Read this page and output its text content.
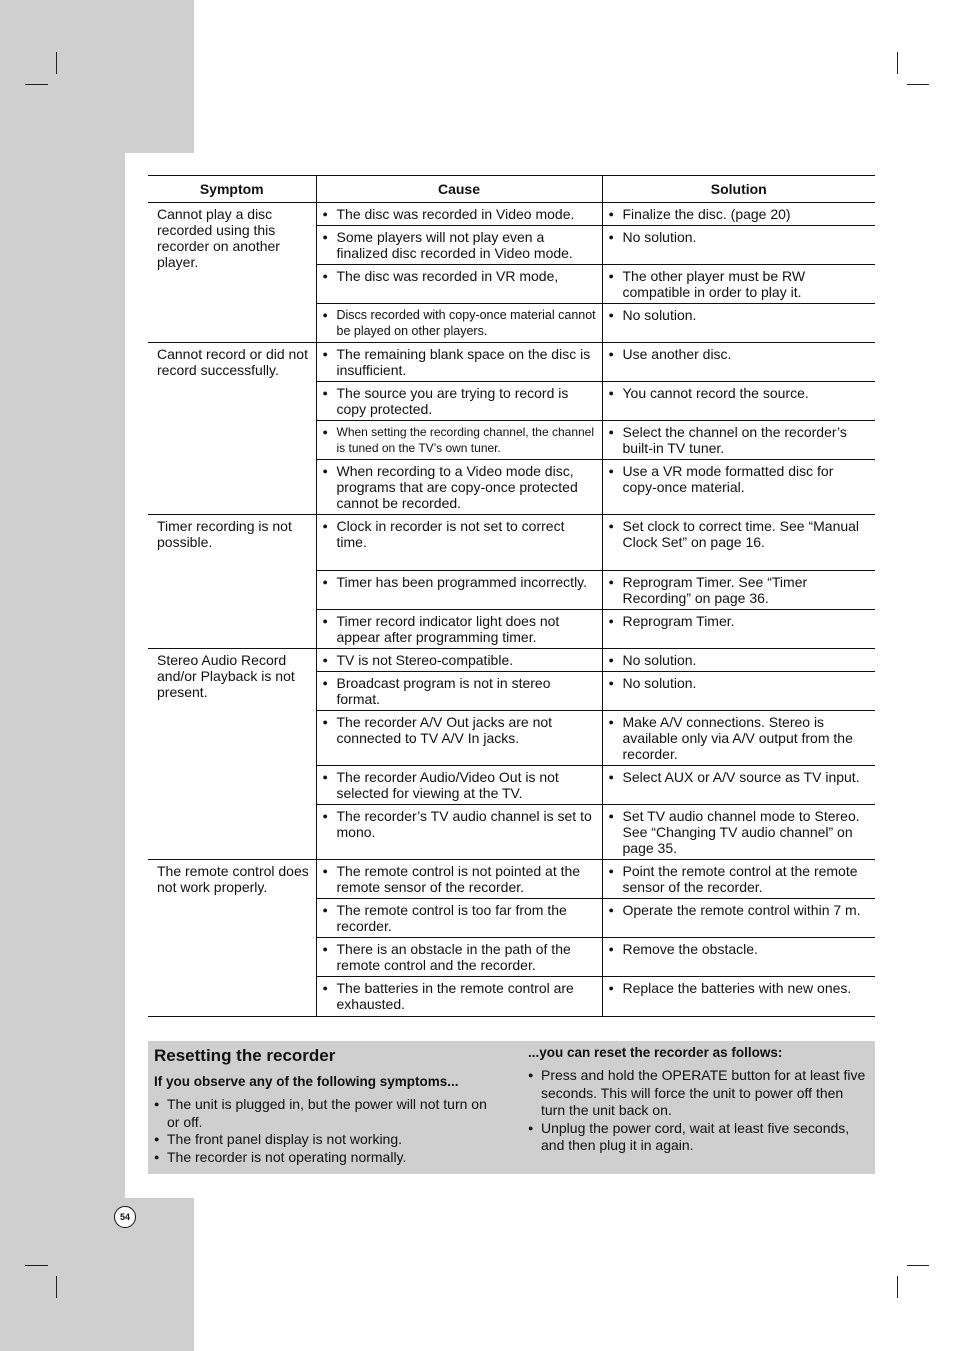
Symptom	Cause	Solution
Cannot play a disc recorded using this recorder on another player.	● The disc was recorded in Video mode.	● Finalize the disc. (page 20)

	● Some players will not play even a finalized disc recorded in Video mode.	● No solution.

	● The disc was recorded in VR mode,	● The other player must be RW compatible in order to play it.

	● Discs recorded with copy-once material cannot be played on other players.	● No solution.

Cannot record or did not record successfully.	● The remaining blank space on the disc is insufficient.	● Use another disc.

	● The source you are trying to record is copy protected.	● You cannot record the source.

	● When setting the recording channel, the channel is tuned on the TV’s own tuner.	● Select the channel on the recorder’s built-in TV tuner.

	● When recording to a Video mode disc, programs that are copy-once protected cannot be recorded.	● Use a VR mode formatted disc for copy-once material.

Timer recording is not possible.	● Clock in recorder is not set to correct time.	● Set clock to correct time. See “Manual Clock Set” on page 16.

	● Timer has been programmed incorrectly.	● Reprogram Timer. See “Timer Recording” on page 36.

	● Timer record indicator light does not appear after programming timer.	● Reprogram Timer.

Stereo Audio Record and/or Playback is not present.	● TV is not Stereo-compatible.	● No solution.

	● Broadcast program is not in stereo format.	● No solution.

	● The recorder A/V Out jacks are not connected to TV A/V In jacks.	● Make A/V connections. Stereo is available only via A/V output from the recorder.

	● The recorder Audio/Video Out is not selected for viewing at the TV.	● Select AUX or A/V source as TV input.

	● The recorder’s TV audio channel is set to mono.	● Set TV audio channel mode to Stereo. See “Changing TV audio channel” on page 35.

The remote control does not work properly.	● The remote control is not pointed at the remote sensor of the recorder.	● Point the remote control at the remote sensor of the recorder.

	● The remote control is too far from the recorder.	● Operate the remote control within 7 m.

	● There is an obstacle in the path of the remote control and the recorder.	● Remove the obstacle.

	● The batteries in the remote control are exhausted.	● Replace the batteries with new ones.
Resetting the recorder
If you observe any of the following symptoms...
● The unit is plugged in, but the power will not turn on or off.
● The front panel display is not working.
● The recorder is not operating normally.
...you can reset the recorder as follows:
● Press and hold the OPERATE button for at least five seconds. This will force the unit to power off then turn the unit back on.
● Unplug the power cord, wait at least five seconds, and then plug it in again.
54
